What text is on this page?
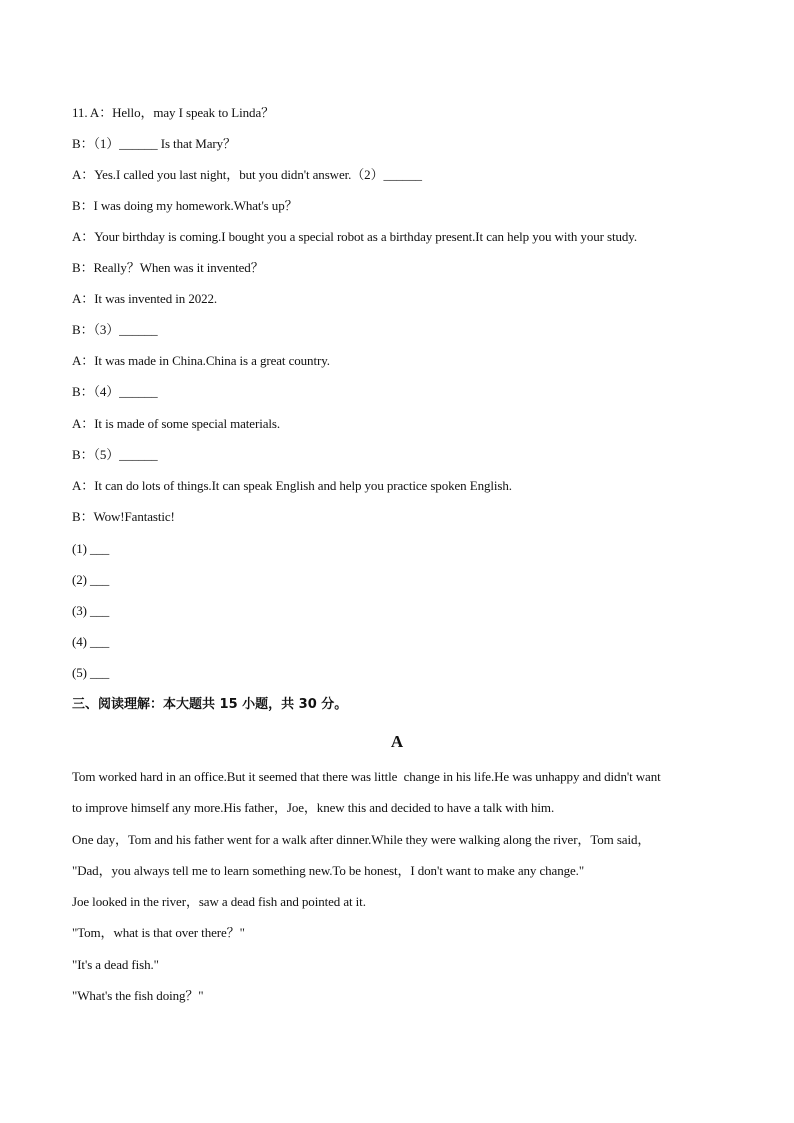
11. A：Hello，may I speak to Linda？
B：（1）______ Is that Mary？
A：Yes.I called you last night，but you didn't answer.（2）______
B：I was doing my homework.What's up？
A：Your birthday is coming.I bought you a special robot as a birthday present.It can help you with your study.
B：Really？When was it invented？
A：It was invented in 2022.
B：（3）______
A：It was made in China.China is a great country.
B：（4）______
A：It is made of some special materials.
B：（5）______
A：It can do lots of things.It can speak English and help you practice spoken English.
B：Wow!Fantastic!
(1) ___
(2) ___
(3) ___
(4) ___
(5) ___
三、阅读理解：本大题共 15 小题，共 30 分。
A
Tom worked hard in an office.But it seemed that there was little  change in his life.He was unhappy and didn't want
to improve himself any more.His father，Joe，knew this and decided to have a talk with him.
One day，Tom and his father went for a walk after dinner.While they were walking along the river，Tom said，
"Dad，you always tell me to learn something new.To be honest，I don't want to make any change."
Joe looked in the river，saw a dead fish and pointed at it.
"Tom，what is that over there？"
"It's a dead fish."
"What's the fish doing？"
